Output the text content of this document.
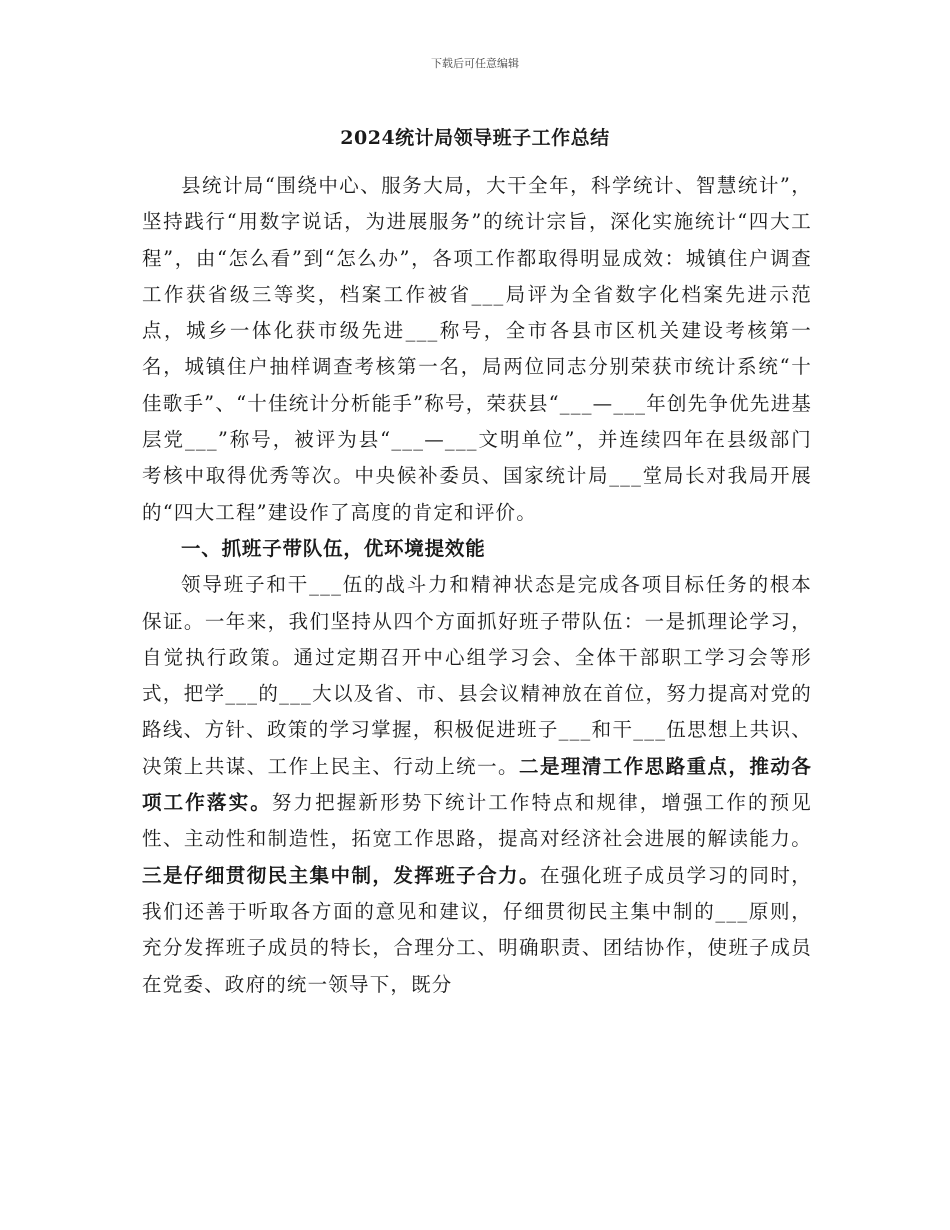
下载后可任意编辑
2024统计局领导班子工作总结

县统计局“围绕中心、服务大局，大干全年，科学统计、智慧统计”，坚持践行“用数字说话，为进展服务”的统计宗旨，深化实施统计“四大工程”，由“怎么看”到“怎么办”，各项工作都取得明显成效：城镇住户调查工作获省级三等奖，档案工作被省___局评为全省数字化档案先进示范点，城乡一体化获市级先进___称号，全市各县市区机关建设考核第一名，城镇住户抽样调查考核第一名，局两位同志分别荣获市统计系统“十佳歌手”、“十佳统计分析能手”称号，荣获县“___—___年创先争优先进基层党___”称号，被评为县“___—___文明单位”，并连续四年在县级部门考核中取得优秀等次。中央候补委员、国家统计局___堂局长对我局开展的“四大工程”建设作了高度的肯定和评价。

一、抓班子带队伍，优环境提效能

领导班子和干___伍的战斗力和精神状态是完成各项目标任务的根本保证。一年来，我们坚持从四个方面抓好班子带队伍：一是抓理论学习，自觉执行政策。通过定期召开中心组学习会、全体干部职工学习会等形式，把学___的___大以及省、市、县会议精神放在首位，努力提高对党的路线、方针、政策的学习掌握，积极促进班子___和干___伍思想上共识、决策上共谋、工作上民主、行动上统一。二是理清工作思路重点，推动各项工作落实。努力把握新形势下统计工作特点和规律，增强工作的预见性、主动性和制造性，拓宽工作思路，提高对经济社会进展的解读能力。三是仔细贯彻民主集中制，发挥班子合力。在强化班子成员学习的同时，我们还善于听取各方面的意见和建议，仔细贯彻民主集中制的___原则，充分发挥班子成员的特长，合理分工、明确职责、团结协作，使班子成员在党委、政府的统一领导下，既分
